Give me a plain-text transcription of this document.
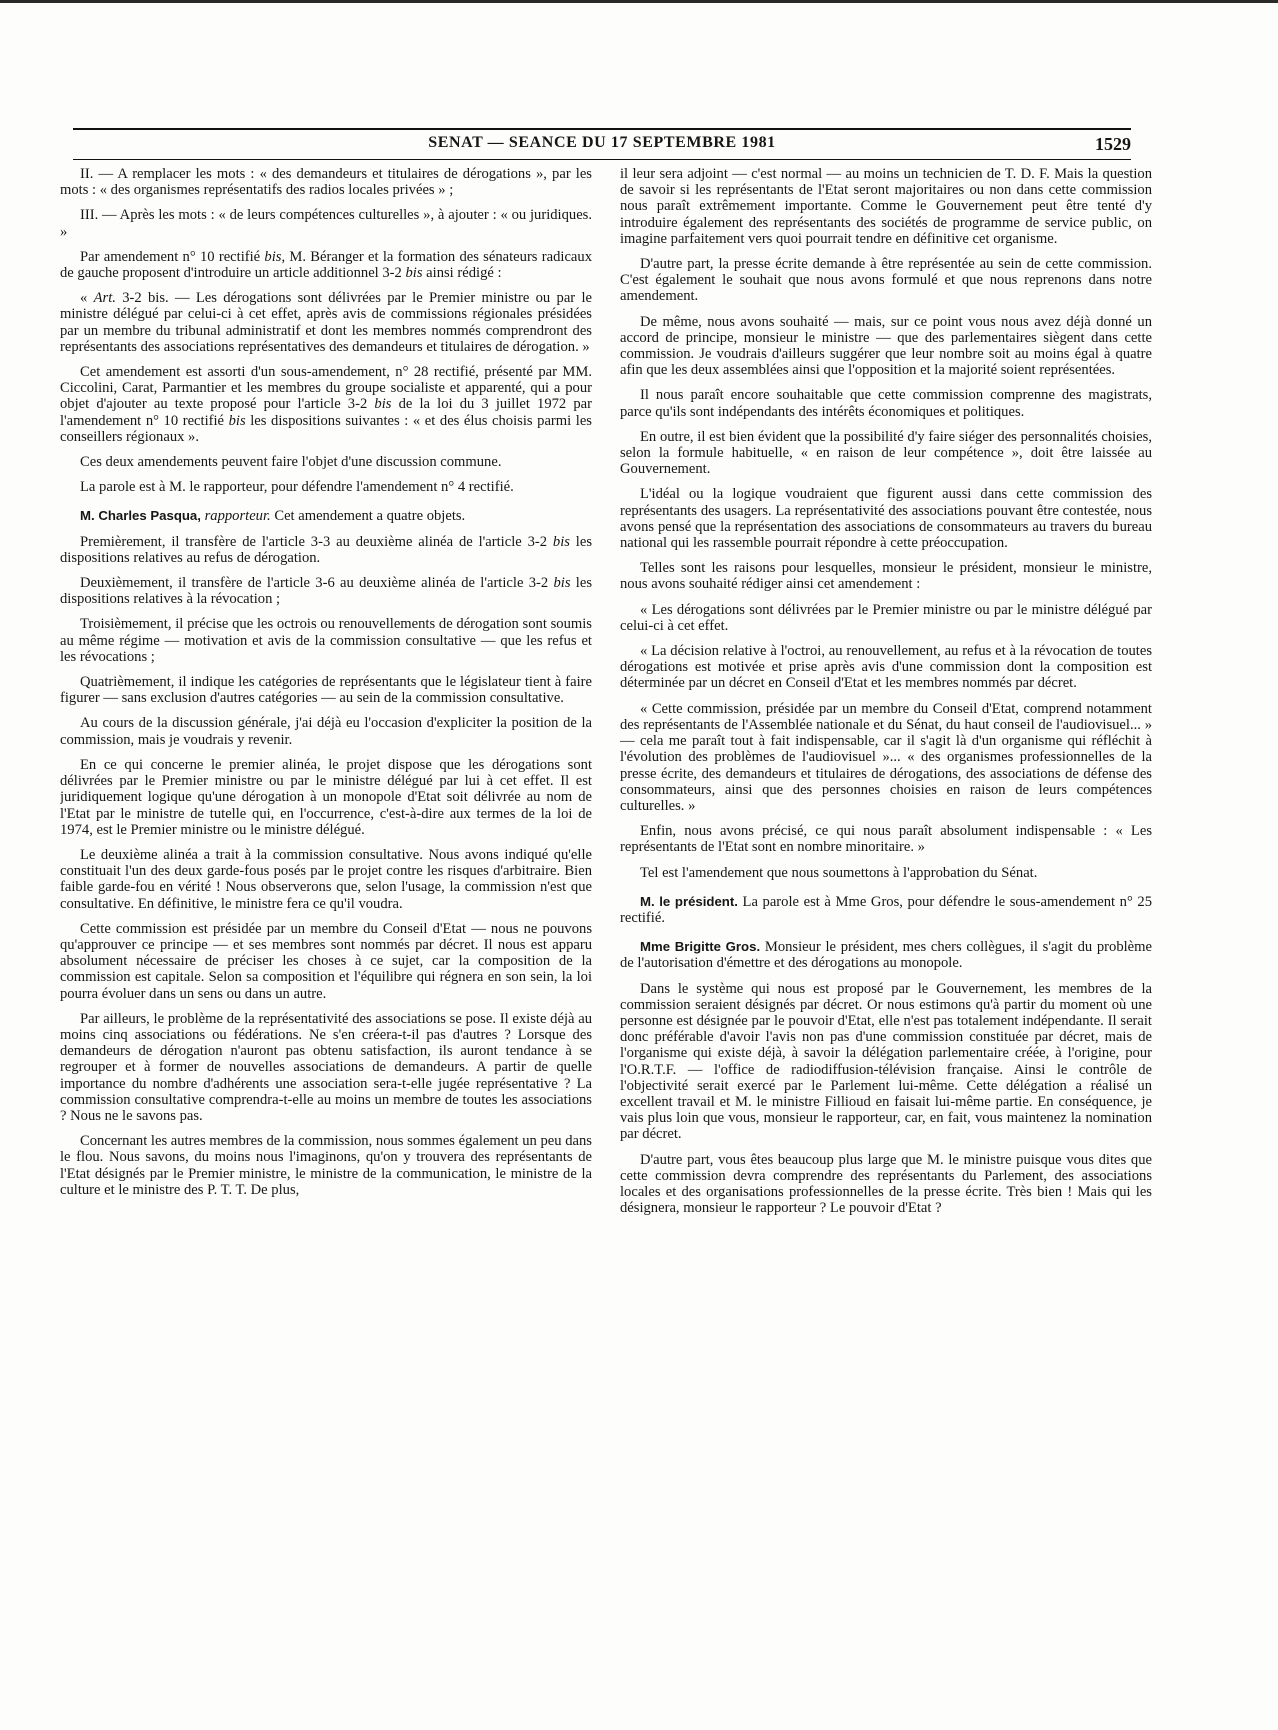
SENAT — SEANCE DU 17 SEPTEMBRE 1981	1529

II. — A remplacer les mots : « des demandeurs et titulaires de dérogations », par les mots : « des organismes représentatifs des radios locales privées » ;

III. — Après les mots : « de leurs compétences culturelles », à ajouter : « ou juridiques. »

Par amendement n° 10 rectifié bis, M. Béranger et la formation des sénateurs radicaux de gauche proposent d'introduire un article additionnel 3-2 bis ainsi rédigé :

« Art. 3-2 bis. — Les dérogations sont délivrées par le Premier ministre ou par le ministre délégué par celui-ci à cet effet, après avis de commissions régionales présidées par un membre du tribunal administratif et dont les membres nommés comprendront des représentants des associations représentatives des demandeurs et titulaires de dérogation. »

Cet amendement est assorti d'un sous-amendement, n° 28 rectifié, présenté par MM. Ciccolini, Carat, Parmantier et les membres du groupe socialiste et apparenté, qui a pour objet d'ajouter au texte proposé pour l'article 3-2 bis de la loi du 3 juillet 1972 par l'amendement n° 10 rectifié bis les dispositions suivantes : « et des élus choisis parmi les conseillers régionaux ».

Ces deux amendements peuvent faire l'objet d'une discussion commune.

La parole est à M. le rapporteur, pour défendre l'amendement n° 4 rectifié.

M. Charles Pasqua, rapporteur. Cet amendement a quatre objets.

Premièrement, il transfère de l'article 3-3 au deuxième alinéa de l'article 3-2 bis les dispositions relatives au refus de dérogation.

Deuxièmement, il transfère de l'article 3-6 au deuxième alinéa de l'article 3-2 bis les dispositions relatives à la révocation ;

Troisièmement, il précise que les octrois ou renouvellements de dérogation sont soumis au même régime — motivation et avis de la commission consultative — que les refus et les révocations ;

Quatrièmement, il indique les catégories de représentants que le législateur tient à faire figurer — sans exclusion d'autres catégories — au sein de la commission consultative.

Au cours de la discussion générale, j'ai déjà eu l'occasion d'expliciter la position de la commission, mais je voudrais y revenir.

En ce qui concerne le premier alinéa, le projet dispose que les dérogations sont délivrées par le Premier ministre ou par le ministre délégué par lui à cet effet. Il est juridiquement logique qu'une dérogation à un monopole d'Etat soit délivrée au nom de l'Etat par le ministre de tutelle qui, en l'occurrence, c'est-à-dire aux termes de la loi de 1974, est le Premier ministre ou le ministre délégué.

Le deuxième alinéa a trait à la commission consultative. Nous avons indiqué qu'elle constituait l'un des deux garde-fous posés par le projet contre les risques d'arbitraire. Bien faible garde-fou en vérité ! Nous observerons que, selon l'usage, la commission n'est que consultative. En définitive, le ministre fera ce qu'il voudra.

Cette commission est présidée par un membre du Conseil d'Etat — nous ne pouvons qu'approuver ce principe — et ses membres sont nommés par décret. Il nous est apparu absolument nécessaire de préciser les choses à ce sujet, car la composition de la commission est capitale. Selon sa composition et l'équilibre qui régnera en son sein, la loi pourra évoluer dans un sens ou dans un autre.

Par ailleurs, le problème de la représentativité des associations se pose. Il existe déjà au moins cinq associations ou fédérations. Ne s'en créera-t-il pas d'autres ? Lorsque des demandeurs de dérogation n'auront pas obtenu satisfaction, ils auront tendance à se regrouper et à former de nouvelles associations de demandeurs. A partir de quelle importance du nombre d'adhérents une association sera-t-elle jugée représentative ? La commission consultative comprendra-t-elle au moins un membre de toutes les associations ? Nous ne le savons pas.

Concernant les autres membres de la commission, nous sommes également un peu dans le flou. Nous savons, du moins nous l'imaginons, qu'on y trouvera des représentants de l'Etat désignés par le Premier ministre, le ministre de la communication, le ministre de la culture et le ministre des P. T. T. De plus,

il leur sera adjoint — c'est normal — au moins un technicien de T. D. F. Mais la question de savoir si les représentants de l'Etat seront majoritaires ou non dans cette commission nous paraît extrêmement importante. Comme le Gouvernement peut être tenté d'y introduire également des représentants des sociétés de programme de service public, on imagine parfaitement vers quoi pourrait tendre en définitive cet organisme.

D'autre part, la presse écrite demande à être représentée au sein de cette commission. C'est également le souhait que nous avons formulé et que nous reprenons dans notre amendement.

De même, nous avons souhaité — mais, sur ce point vous nous avez déjà donné un accord de principe, monsieur le ministre — que des parlementaires siègent dans cette commission. Je voudrais d'ailleurs suggérer que leur nombre soit au moins égal à quatre afin que les deux assemblées ainsi que l'opposition et la majorité soient représentées.

Il nous paraît encore souhaitable que cette commission comprenne des magistrats, parce qu'ils sont indépendants des intérêts économiques et politiques.

En outre, il est bien évident que la possibilité d'y faire siéger des personnalités choisies, selon la formule habituelle, « en raison de leur compétence », doit être laissée au Gouvernement.

L'idéal ou la logique voudraient que figurent aussi dans cette commission des représentants des usagers. La représentativité des associations pouvant être contestée, nous avons pensé que la représentation des associations de consommateurs au travers du bureau national qui les rassemble pourrait répondre à cette préoccupation.

Telles sont les raisons pour lesquelles, monsieur le président, monsieur le ministre, nous avons souhaité rédiger ainsi cet amendement :

« Les dérogations sont délivrées par le Premier ministre ou par le ministre délégué par celui-ci à cet effet.

« La décision relative à l'octroi, au renouvellement, au refus et à la révocation de toutes dérogations est motivée et prise après avis d'une commission dont la composition est déterminée par un décret en Conseil d'Etat et les membres nommés par décret.

« Cette commission, présidée par un membre du Conseil d'Etat, comprend notamment des représentants de l'Assemblée nationale et du Sénat, du haut conseil de l'audiovisuel... » — cela me paraît tout à fait indispensable, car il s'agit là d'un organisme qui réfléchit à l'évolution des problèmes de l'audiovisuel »... « des organismes professionnelles de la presse écrite, des demandeurs et titulaires de dérogations, des associations de défense des consommateurs, ainsi que des personnes choisies en raison de leurs compétences culturelles. »

Enfin, nous avons précisé, ce qui nous paraît absolument indispensable : « Les représentants de l'Etat sont en nombre minoritaire. »

Tel est l'amendement que nous soumettons à l'approbation du Sénat.

M. le président. La parole est à Mme Gros, pour défendre le sous-amendement n° 25 rectifié.

Mme Brigitte Gros. Monsieur le président, mes chers collègues, il s'agit du problème de l'autorisation d'émettre et des dérogations au monopole.

Dans le système qui nous est proposé par le Gouvernement, les membres de la commission seraient désignés par décret. Or nous estimons qu'à partir du moment où une personne est désignée par le pouvoir d'Etat, elle n'est pas totalement indépendante. Il serait donc préférable d'avoir l'avis non pas d'une commission constituée par décret, mais de l'organisme qui existe déjà, à savoir la délégation parlementaire créée, à l'origine, pour l'O.R.T.F. — l'office de radiodiffusion-télévision française. Ainsi le contrôle de l'objectivité serait exercé par le Parlement lui-même. Cette délégation a réalisé un excellent travail et M. le ministre Fillioud en faisait lui-même partie. En conséquence, je vais plus loin que vous, monsieur le rapporteur, car, en fait, vous maintenez la nomination par décret.

D'autre part, vous êtes beaucoup plus large que M. le ministre puisque vous dites que cette commission devra comprendre des représentants du Parlement, des associations locales et des organisations professionnelles de la presse écrite. Très bien ! Mais qui les désignera, monsieur le rapporteur ? Le pouvoir d'Etat ?
